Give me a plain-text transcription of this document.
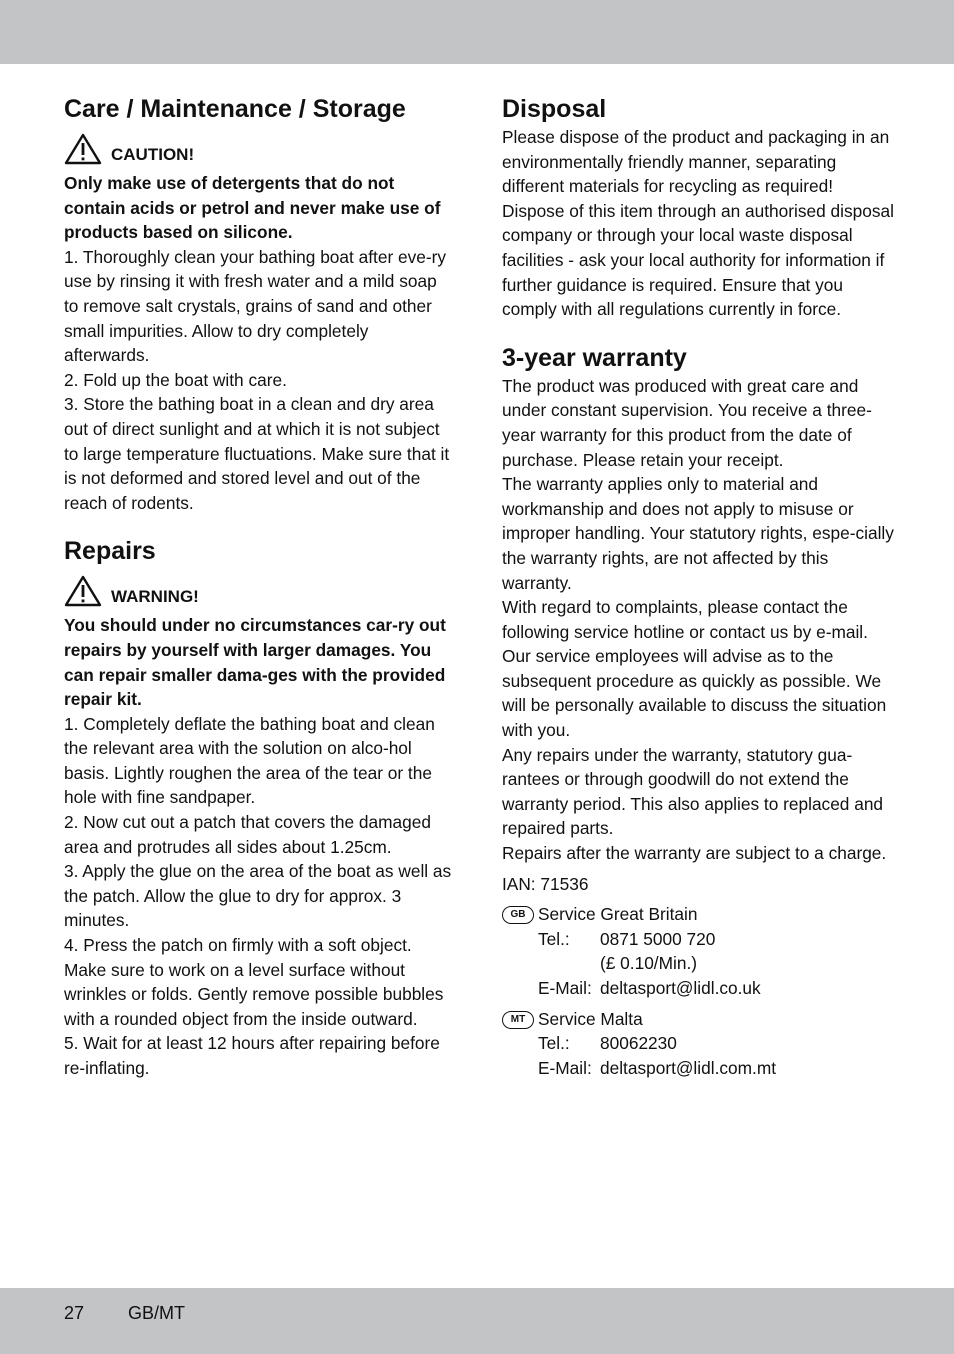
Care / Maintenance / Storage
CAUTION!

Only make use of detergents that do not contain acids or petrol and never make use of products based on silicone.

1. Thoroughly clean your bathing boat after eve-ry use by rinsing it with fresh water and a mild soap to remove salt crystals, grains of sand and other small impurities. Allow to dry completely afterwards.

2. Fold up the boat with care.

3. Store the bathing boat in a clean and dry area out of direct sunlight and at which it is not subject to large temperature fluctuations. Make sure that it is not deformed and stored level and out of the reach of rodents.

Repairs
WARNING!

You should under no circumstances car-ry out repairs by yourself with larger damages. You can repair smaller dama-ges with the provided repair kit.

1. Completely deflate the bathing boat and clean the relevant area with the solution on alco-hol basis. Lightly roughen the area of the tear or the hole with fine sandpaper.

2. Now cut out a patch that covers the damaged area and protrudes all sides about 1.25cm.

3. Apply the glue on the area of the boat as well as the patch. Allow the glue to dry for approx. 3 minutes.

4. Press the patch on firmly with a soft object. Make sure to work on a level surface without wrinkles or folds. Gently remove possible bubbles with a rounded object from the inside outward.

5. Wait for at least 12 hours after repairing before re-inflating.

Disposal

Please dispose of the product and packaging in an environmentally friendly manner, separating different materials for recycling as required! Dispose of this item through an authorised disposal company or through your local waste disposal facilities - ask your local authority for information if further guidance is required. Ensure that you comply with all regulations currently in force.

3-year warranty

The product was produced with great care and under constant supervision. You receive a three-year warranty for this product from the date of purchase. Please retain your receipt.

The warranty applies only to material and workmanship and does not apply to misuse or improper handling. Your statutory rights, espe-cially the warranty rights, are not affected by this warranty.

With regard to complaints, please contact the following service hotline or contact us by e-mail. Our service employees will advise as to the subsequent procedure as quickly as possible. We will be personally available to discuss the situation with you.

Any repairs under the warranty, statutory gua-rantees or through goodwill do not extend the warranty period. This also applies to replaced and repaired parts.

Repairs after the warranty are subject to a charge.

IAN: 71536

GB Service Great Britain
Tel.:	0871 5000 720
(£ 0.10/Min.)
E-Mail: deltasport@lidl.co.uk
MT Service Malta
Tel.:	80062230
E-Mail: deltasport@lidl.com.mt
27 GB/MT
